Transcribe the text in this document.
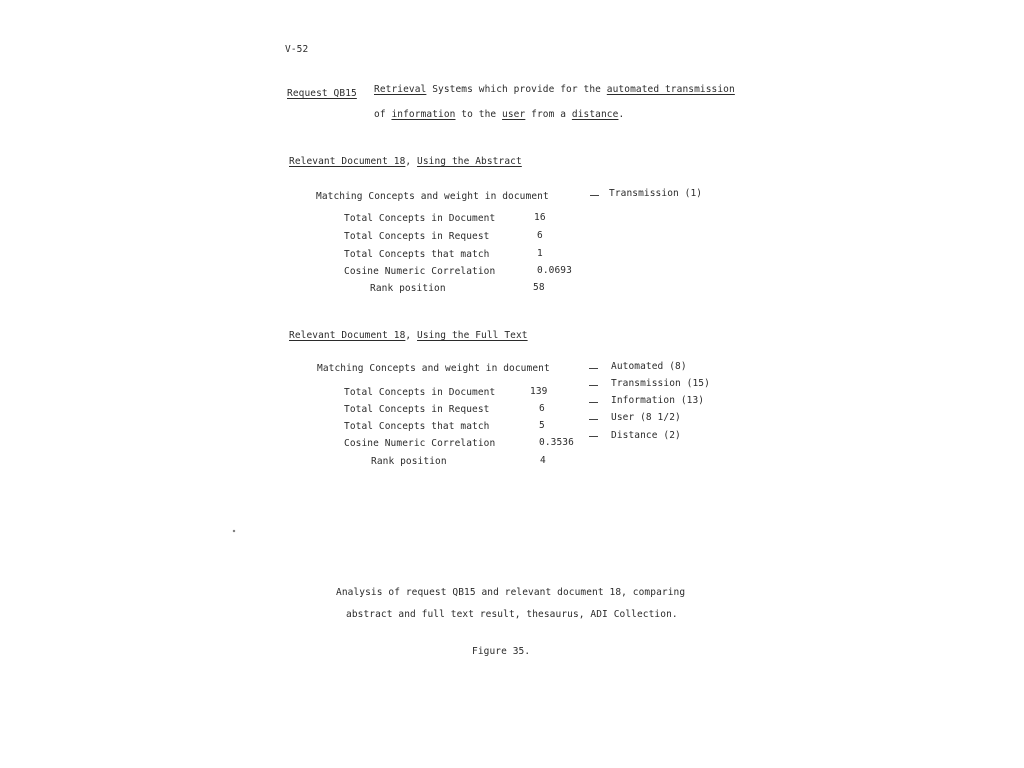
V-52
Request QB15 Retrieval Systems which provide for the automated transmission
of information to the user from a distance.
Relevant Document 18, Using the Abstract
Matching Concepts and weight in document	Transmission (1)
Total Concepts in Document	16
Total Concepts in Request	6
Total Concepts that match	1
Cosine Numeric Correlation	0.0693
Rank position	58
Relevant Document 18, Using the Full Text
Matching Concepts and weight in document	Automated (8)
Transmission (15)
Information (13)
User (8 1/2)
Distance (2)
Total Concepts in Document	139
Total Concepts in Request	6
Total Concepts that match	5
Cosine Numeric Correlation	0.3536
Rank position	4
Analysis of request QB15 and relevant document 18, comparing
abstract and full text result, thesaurus, ADI Collection.
Figure 35.
